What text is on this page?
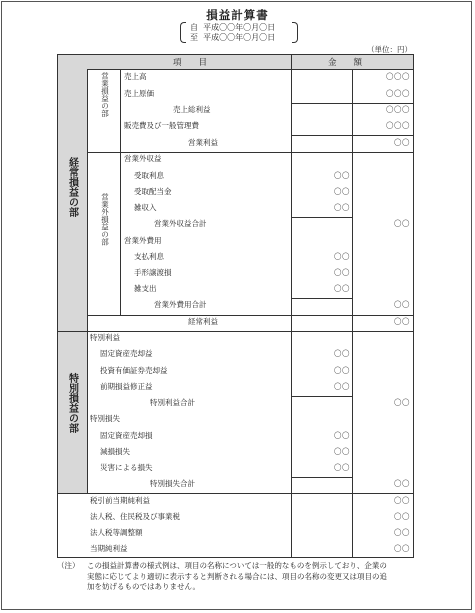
損益計算書
自 平成〇〇年〇月〇日
至 平成〇〇年〇月〇日
（単位：円）
項　　目	金　　額
経常損益の部
特別損益の部
営業損益の部
営業外損益の部
売上高
売上原価
売上総利益
販売費及び一般管理費
営業利益
営業外収益
受取利息
受取配当金
雑収入
営業外収益合計
営業外費用
支払利息
手形譲渡損
雑支出
営業外費用合計
経常利益
特別利益
固定資産売却益
投資有価証券売却益
前期損益修正益
特別利益合計
特別損失
固定資産売却損
減損損失
災害による損失
特別損失合計
税引前当期純利益
法人税、住民税及び事業税
法人税等調整額
当期純利益
〇〇〇
〇〇〇
〇〇〇
〇〇〇
〇〇
〇〇
〇〇
〇〇
〇〇
〇〇
〇〇
〇〇
〇〇
〇〇
〇〇
〇〇
〇〇
〇〇
〇〇
〇〇
〇〇
〇〇
〇〇
〇〇
〇〇
〇〇
（注） この損益計算書の様式例は、項目の名称については一般的なものを例示しており、企業の実態に応じてより適切に表示すると判断される場合には、項目の名称の変更又は項目の追加を妨げるものではありません。
